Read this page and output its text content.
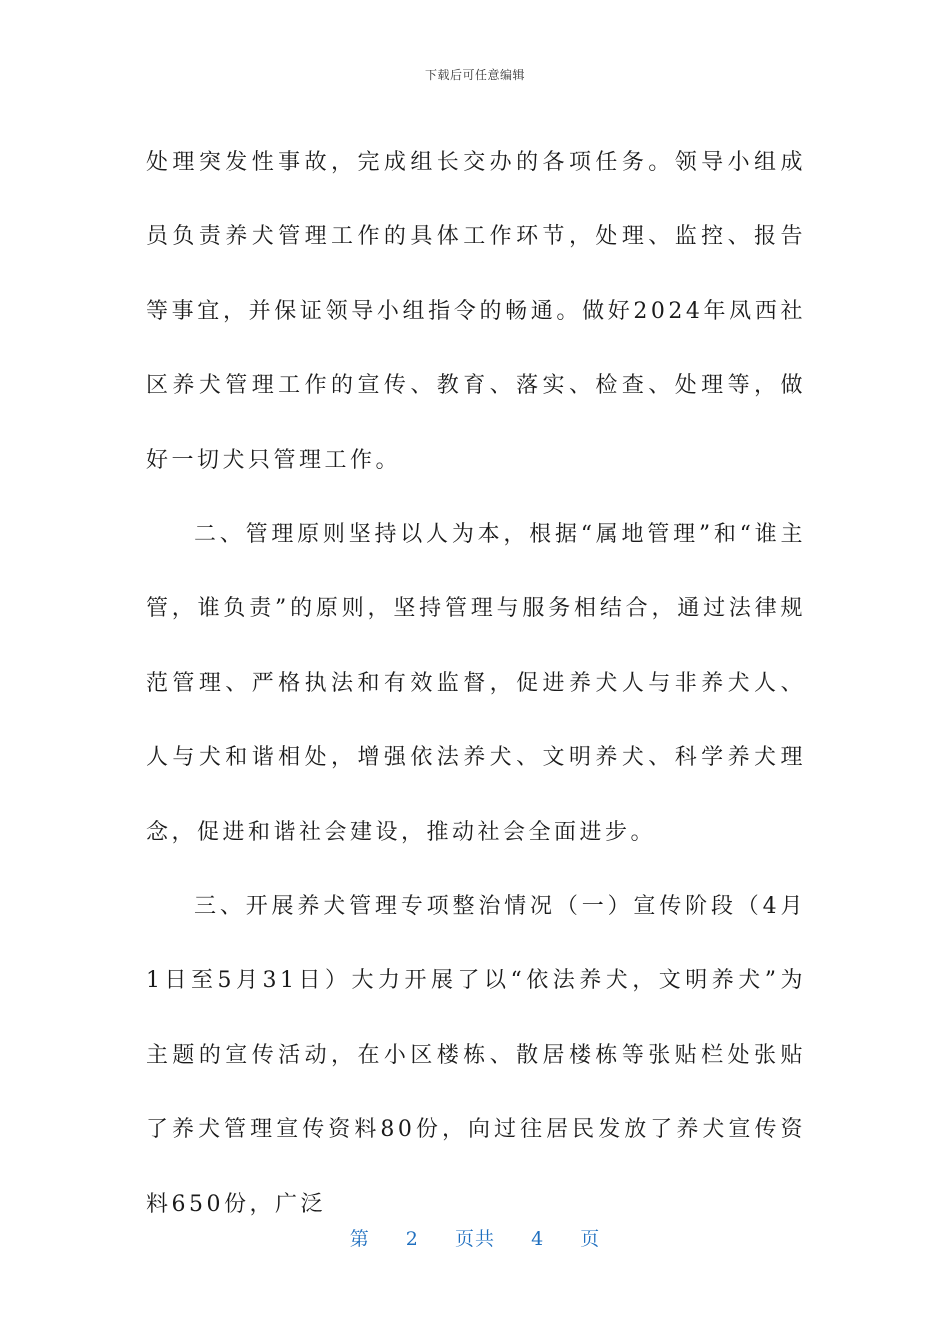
下载后可任意编辑

处理突发性事故，完成组长交办的各项任务。领导小组成员负责养犬管理工作的具体工作环节，处理、监控、报告等事宜，并保证领导小组指令的畅通。做好2024年凤西社区养犬管理工作的宣传、教育、落实、检查、处理等，做好一切犬只管理工作。

二、管理原则坚持以人为本，根据“属地管理”和“谁主管，谁负责”的原则，坚持管理与服务相结合，通过法律规范管理、严格执法和有效监督，促进养犬人与非养犬人、人与犬和谐相处，增强依法养犬、文明养犬、科学养犬理念，促进和谐社会建设，推动社会全面进步。

三、开展养犬管理专项整治情况（一）宣传阶段（4月1日至5月31日）大力开展了以“依法养犬，文明养犬”为主题的宣传活动，在小区楼栋、散居楼栋等张贴栏处张贴了养犬管理宣传资料80份，向过往居民发放了养犬宣传资料650份，广泛

第 2 页共 4 页
